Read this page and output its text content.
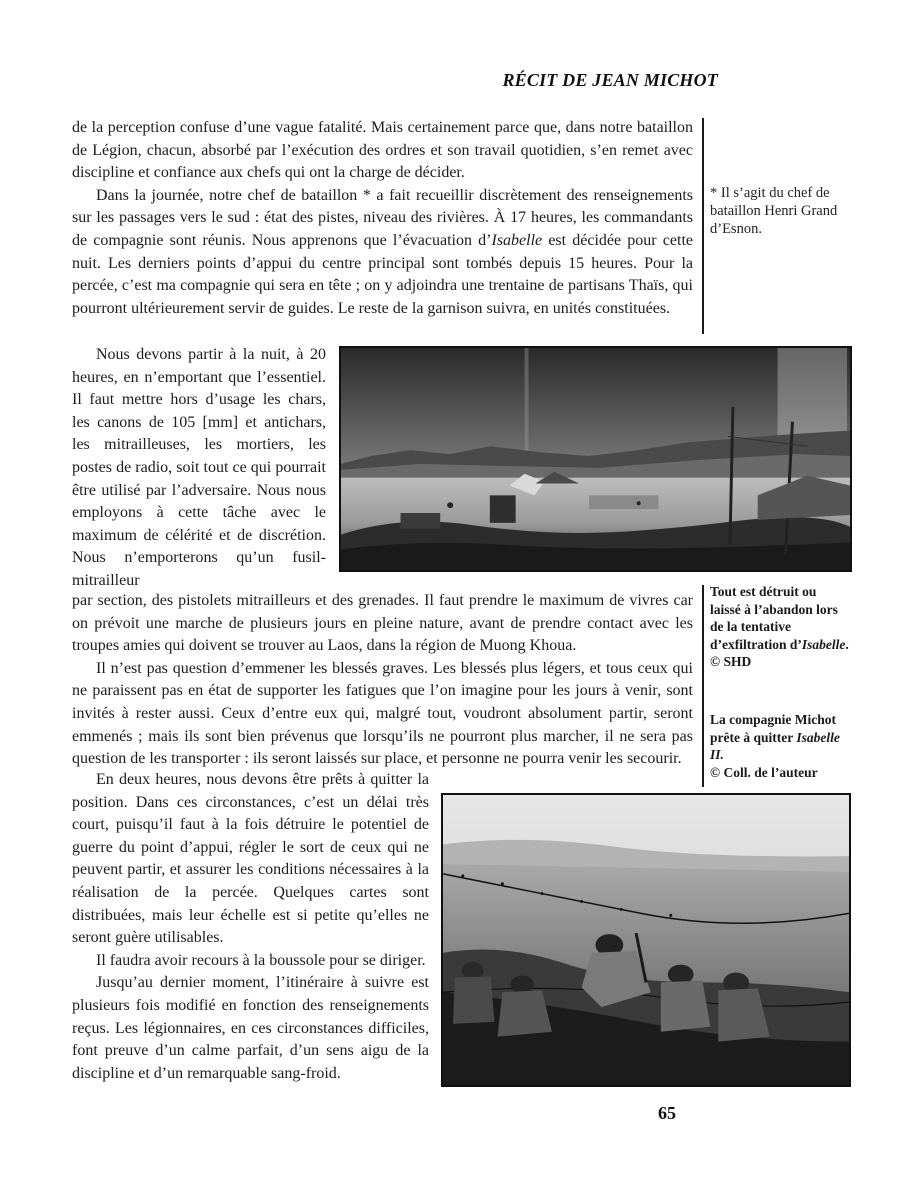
RÉCIT DE JEAN MICHOT

de la perception confuse d’une vague fatalité. Mais certainement parce que, dans notre bataillon de Légion, chacun, absorbé par l’exécution des ordres et son travail quotidien, s’en remet avec discipline et confiance aux chefs qui ont la charge de décider.

Dans la journée, notre chef de bataillon * a fait recueillir discrètement des renseignements sur les passages vers le sud : état des pistes, niveau des rivières. À 17 heures, les commandants de compagnie sont réunis. Nous apprenons que l’évacuation d’Isabelle est décidée pour cette nuit. Les derniers points d’appui du centre principal sont tombés depuis 15 heures. Pour la percée, c’est ma compagnie qui sera en tête ; on y adjoindra une trentaine de partisans Thaïs, qui pourront ultérieurement servir de guides. Le reste de la garnison suivra, en unités constituées.

* Il s’agit du chef de bataillon Henri Grand d’Esnon.

Nous devons partir à la nuit, à 20 heures, en n’emportant que l’essentiel. Il faut mettre hors d’usage les chars, les canons de 105 [mm] et antichars, les mitrailleuses, les mortiers, les postes de radio, soit tout ce qui pourrait être utilisé par l’adversaire. Nous nous employons à cette tâche avec le maximum de célérité et de discrétion. Nous n’emporterons qu’un fusil-mitrailleur

Tout est détruit ou laissé à l’abandon lors de la tentative d’exfiltration d’Isabelle.
© SHD

par section, des pistolets mitrailleurs et des grenades. Il faut prendre le maximum de vivres car on prévoit une marche de plusieurs jours en pleine nature, avant de prendre contact avec les troupes amies qui doivent se trouver au Laos, dans la région de Muong Khoua.

Il n’est pas question d’emmener les blessés graves. Les blessés plus légers, et tous ceux qui ne paraissent pas en état de supporter les fatigues que l’on imagine pour les jours à venir, sont invités à rester aussi. Ceux d’entre eux qui, malgré tout, voudront absolument partir, seront emmenés ; mais ils sont bien prévenus que lorsqu’ils ne pourront plus marcher, il ne sera pas question de les transporter : ils seront laissés sur place, et personne ne pourra venir les secourir.

La compagnie Michot prête à quitter Isabelle II.
© Coll. de l’auteur

En deux heures, nous devons être prêts à quitter la position. Dans ces circonstances, c’est un délai très court, puisqu’il faut à la fois détruire le potentiel de guerre du point d’appui, régler le sort de ceux qui ne peuvent partir, et assurer les conditions nécessaires à la réalisation de la percée. Quelques cartes sont distribuées, mais leur échelle est si petite qu’elles ne seront guère utilisables.

Il faudra avoir recours à la boussole pour se diriger.

Jusqu’au dernier moment, l’itinéraire à suivre est plusieurs fois modifié en fonction des renseignements reçus. Les légionnaires, en ces circonstances difficiles, font preuve d’un calme parfait, d’un sens aigu de la discipline et d’un remarquable sang-froid.

65
